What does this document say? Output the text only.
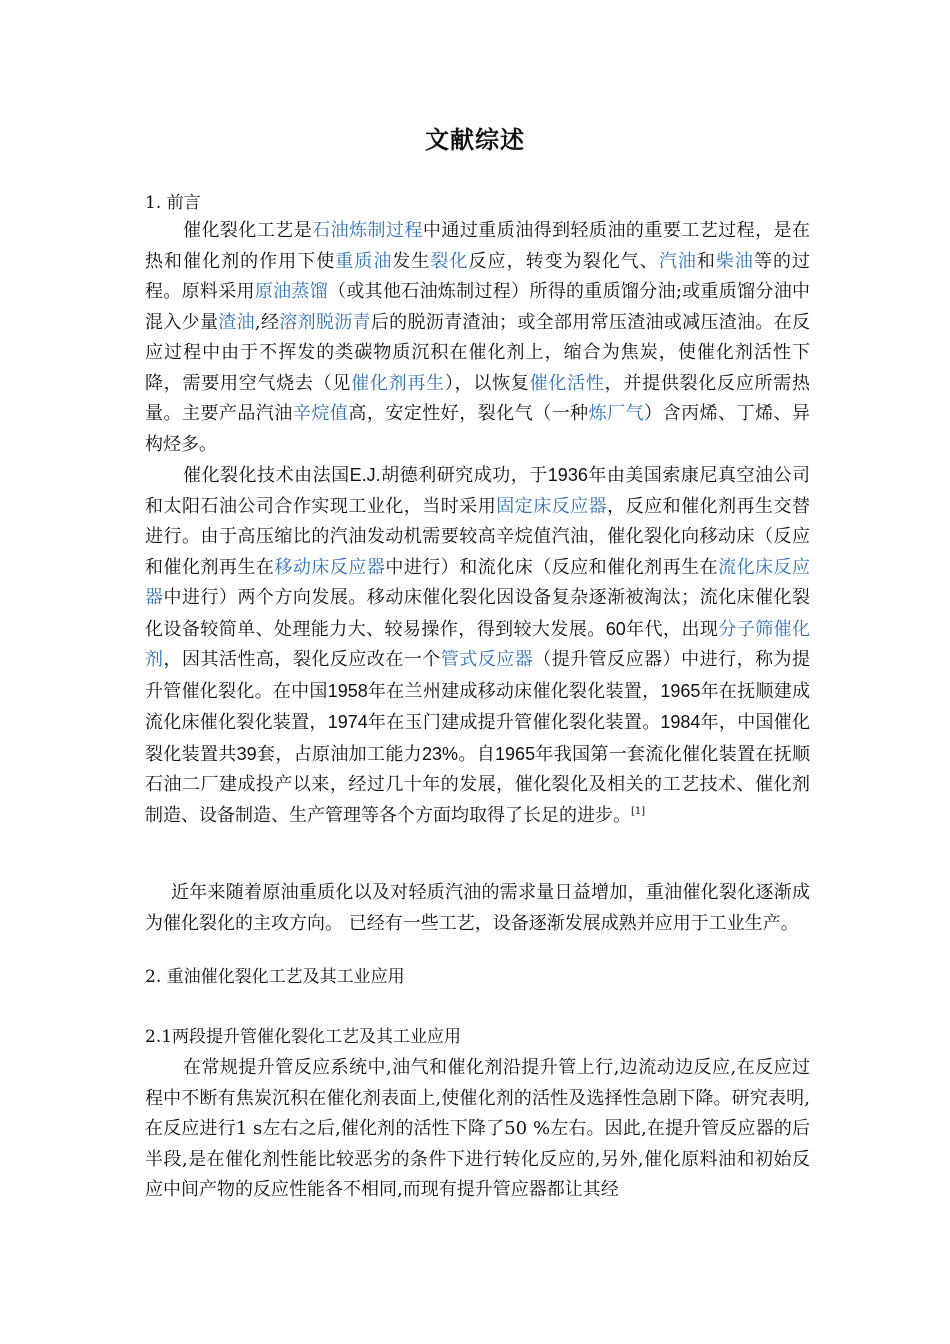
文献综述
1. 前言

催化裂化工艺是石油炼制过程中通过重质油得到轻质油的重要工艺过程，是在热和催化剂的作用下使重质油发生裂化反应，转变为裂化气、汽油和柴油等的过程。原料采用原油蒸馏（或其他石油炼制过程）所得的重质馏分油;或重质馏分油中混入少量渣油,经溶剂脱沥青后的脱沥青渣油；或全部用常压渣油或减压渣油。在反应过程中由于不挥发的类碳物质沉积在催化剂上，缩合为焦炭，使催化剂活性下降，需要用空气烧去（见催化剂再生），以恢复催化活性，并提供裂化反应所需热量。主要产品汽油辛烷值高，安定性好，裂化气（一种炼厂气）含丙烯、丁烯、异构烃多。

催化裂化技术由法国E.J.胡德利研究成功，于1936年由美国索康尼真空油公司和太阳石油公司合作实现工业化，当时采用固定床反应器，反应和催化剂再生交替进行。由于高压缩比的汽油发动机需要较高辛烷值汽油，催化裂化向移动床（反应和催化剂再生在移动床反应器中进行）和流化床（反应和催化剂再生在流化床反应器中进行）两个方向发展。移动床催化裂化因设备复杂逐渐被淘汰；流化床催化裂化设备较简单、处理能力大、较易操作，得到较大发展。60年代，出现分子筛催化剂，因其活性高，裂化反应改在一个管式反应器（提升管反应器）中进行，称为提升管催化裂化。在中国1958年在兰州建成移动床催化裂化装置，1965年在抚顺建成流化床催化裂化装置，1974年在玉门建成提升管催化裂化装置。1984年，中国催化裂化装置共39套，占原油加工能力23%。自1965年我国第一套流化催化装置在抚顺石油二厂建成投产以来，经过几十年的发展，催化裂化及相关的工艺技术、催化剂制造、设备制造、生产管理等各个方面均取得了长足的进步。[1]

近年来随着原油重质化以及对轻质汽油的需求量日益增加，重油催化裂化逐渐成为催化裂化的主攻方向。 已经有一些工艺，设备逐渐发展成熟并应用于工业生产。

2. 重油催化裂化工艺及其工业应用
2.1两段提升管催化裂化工艺及其工业应用

在常规提升管反应系统中,油气和催化剂沿提升管上行,边流动边反应,在反应过程中不断有焦炭沉积在催化剂表面上,使催化剂的活性及选择性急剧下降。研究表明,在反应进行1 s左右之后,催化剂的活性下降了50 %左右。因此,在提升管反应器的后半段,是在催化剂性能比较恶劣的条件下进行转化反应的,另外,催化原料油和初始反应中间产物的反应性能各不相同,而现有提升管应器都让其经
